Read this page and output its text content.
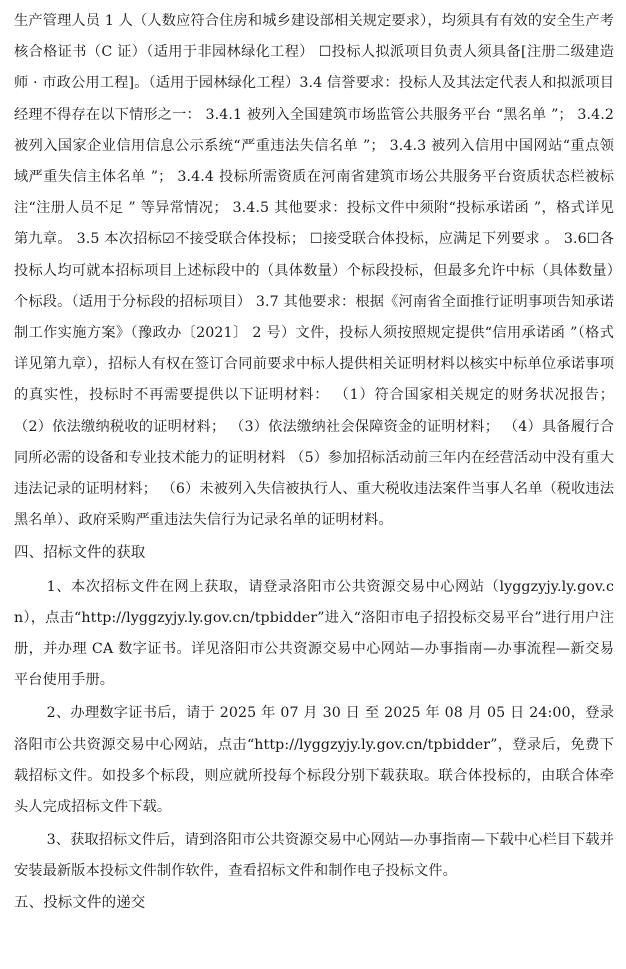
生产管理人员 1 人（人数应符合住房和城乡建设部相关规定要求），均须具有有效的安全生产考核合格证书（C 证）（适用于非园林绿化工程） ☐投标人拟派项目负责人须具备[注册二级建造师 · 市政公用工程]。（适用于园林绿化工程）3.4 信誉要求：投标人及其法定代表人和拟派项目经理不得存在以下情形之一： 3.4.1 被列入全国建筑市场监管公共服务平台 “黑名单 ”； 3.4.2 被列入国家企业信用信息公示系统“严重违法失信名单 ”； 3.4.3 被列入信用中国网站“重点领域严重失信主体名单 ”； 3.4.4 投标所需资质在河南省建筑市场公共服务平台资质状态栏被标注“注册人员不足 ” 等异常情况； 3.4.5 其他要求：投标文件中须附“投标承诺函 ”，格式详见第九章。 3.5 本次招标☑不接受联合体投标； ☐接受联合体投标，应满足下列要求 。 3.6☐各投标人均可就本招标项目上述标段中的（具体数量）个标段投标，但最多允许中标（具体数量）个标段。（适用于分标段的招标项目） 3.7 其他要求：根据《河南省全面推行证明事项告知承诺制工作实施方案》（豫政办〔2021〕 2 号）文件，投标人须按照规定提供“信用承诺函 ”（格式详见第九章），招标人有权在签订合同前要求中标人提供相关证明材料以核实中标单位承诺事项的真实性，投标时不再需要提供以下证明材料： （1）符合国家相关规定的财务状况报告； （2）依法缴纳税收的证明材料； （3）依法缴纳社会保障资金的证明材料； （4）具备履行合同所必需的设备和专业技术能力的证明材料 （5）参加招标活动前三年内在经营活动中没有重大违法记录的证明材料； （6）未被列入失信被执行人、重大税收违法案件当事人名单（税收违法黑名单）、政府采购严重违法失信行为记录名单的证明材料。

四、招标文件的获取

1、本次招标文件在网上获取，请登录洛阳市公共资源交易中心网站（lyggzyjy.ly.gov.cn），点击“http://lyggzyjy.ly.gov.cn/tpbidder”进入“洛阳市电子招投标交易平台”进行用户注册，并办理 CA 数字证书。详见洛阳市公共资源交易中心网站—办事指南—办事流程—新交易平台使用手册。

2、办理数字证书后，请于 2025 年 07 月 30 日 至 2025 年 08 月 05 日 24:00，登录洛阳市公共资源交易中心网站，点击“http://lyggzyjy.ly.gov.cn/tpbidder”，登录后，免费下载招标文件。如投多个标段，则应就所投每个标段分别下载获取。联合体投标的，由联合体牵头人完成招标文件下载。

3、获取招标文件后，请到洛阳市公共资源交易中心网站—办事指南—下载中心栏目下载并安装最新版本投标文件制作软件，查看招标文件和制作电子投标文件。

五、投标文件的递交
